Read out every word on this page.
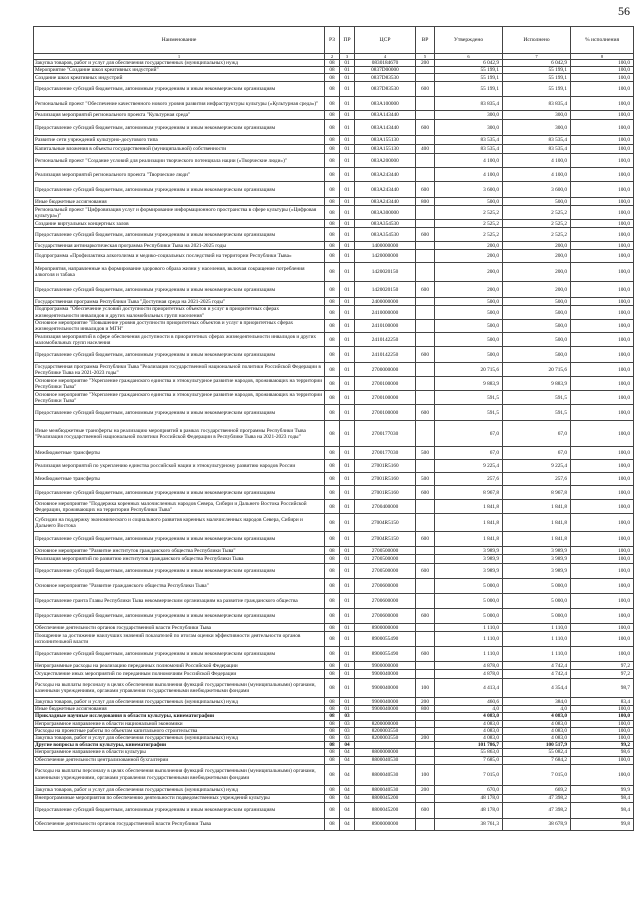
56
Наименование	РЗ	ПР	ЦСР	ВР	Утверждено	Исполнено	% исполнения
1	2	3	4	5	6	7	8
Закупка товаров, работ и услуг для обеспечения государственных (муниципальных) нужд	08	01	0830184670	200	6 042,9	6 042,9	100,0
Мероприятие "Создание школ креативных индустрий"	08	01	0837D00000		55 199,1	55 199,1	100,0
Создание школ креативных индустрий	08	01	0837D83530		55 199,1	55 199,1	100,0
Предоставление субсидий бюджетным, автономным учреждениям и иным некоммерческим организациям	08	01	0837D83530	600	55 199,1	55 199,1	100,0
Региональный проект "Обеспечение качественного нового уровня развития инфраструктуры культуры («Культурная среда»)"	08	01	083A100000		83 835,4	83 835,4	100,0
Реализация мероприятий регионального проекта "Культурная среда"	08	01	083A143440		300,0	300,0	100,0
Предоставление субсидий бюджетным, автономным учреждениям и иным некоммерческим организациям	08	01	083A143440	600	300,0	300,0	100,0
Развитие сети учреждений культурно-досугового типа	08	01	083A155130		83 535,4	83 535,4	100,0
Капитальные вложения в объекты государственной (муниципальной) собственности	08	01	083A155130	400	83 535,4	83 535,4	100,0
Региональный проект "Создание условий для реализации творческого потенциала нации («Творческие люди»)"	08	01	083A200000		4 100,0	4 100,0	100,0
Реализация мероприятий регионального проекта "Творческие люди"	08	01	083A243440		4 100,0	4 100,0	100,0
Предоставление субсидий бюджетным, автономным учреждениям и иным некоммерческим организациям	08	01	083A243440	600	3 600,0	3 600,0	100,0
Иные бюджетные ассигнования	08	01	083A243440	800	500,0	500,0	100,0
Региональный проект "Цифровизация услуг и формирование информационного пространства в сфере культуры («Цифровая культура»)"	08	01	083A300000		2 525,2	2 525,2	100,0
Создание виртуальных концертных залов	08	01	083A354530		2 525,2	2 525,2	100,0
Предоставление субсидий бюджетным, автономным учреждениям и иным некоммерческим организациям	08	01	083A354530	600	2 525,2	2 525,2	100,0
Государственная антинаркотическая программа Республики Тыва на 2021-2025 годы	08	01	1400000000		200,0	200,0	100,0
Подпрограмма «Профилактика алкоголизма и медико-социальных последствий на территории Республики Тыва»	08	01	1420000000		200,0	200,0	100,0
Мероприятия, направленные на формирование здорового образа жизни у населения, включая сокращение потребления алкоголя и табака	08	01	1420020150		200,0	200,0	100,0
Предоставление субсидий бюджетным, автономным учреждениям и иным некоммерческим организациям	08	01	1420020150	600	200,0	200,0	100,0
Государственная программа Республики Тыва "Доступная среда на 2021-2025 годы"	08	01	2400000000		500,0	500,0	100,0
Подпрограмма "Обеспечение условий доступности приоритетных объектов и услуг в приоритетных сферах жизнедеятельности инвалидов и других маломобильных групп населения"	08	01	2410000000		500,0	500,0	100,0
Основное мероприятие "Повышение уровня доступности приоритетных объектов и услуг в приоритетных сферах жизнедеятельности инвалидов и МГН"	08	01	2410100000		500,0	500,0	100,0
Реализация мероприятий в сфере обеспечения доступности в приоритетных сферах жизнедеятельности инвалидов и других маломобильных групп населения	08	01	2410142250		500,0	500,0	100,0
Предоставление субсидий бюджетным, автономным учреждениям и иным некоммерческим организациям	08	01	2410142250	600	500,0	500,0	100,0
Государственная программа Республики Тыва "Реализация государственной национальной политики Российской Федерации в Республике Тыва на 2021-2023 годы"	08	01	2700000000		20 715,6	20 715,6	100,0
Основное мероприятие "Укрепление гражданского единства и этнокультурное развитие народов, проживающих на территории Республики Тыва"	08	01	2700100000		9 883,9	9 883,9	100,0
Основное мероприятие "Укрепление гражданского единства и этнокультурное развитие народов, проживающих на территории Республики Тыва"	08	01	2700100000		591,5	591,5	100,0
Предоставление субсидий бюджетным, автономным учреждениям и иным некоммерческим организациям	08	01	2700100000	600	591,5	591,5	100,0
Иные межбюджетные трансферты на реализацию мероприятий в рамках государственной программы Республики Тыва "Реализация государственной национальной политики Российской Федерации в Республике Тыва на 2021-2023 годы"	08	01	2700177030		67,0	67,0	100,0
Межбюджетные трансферты	08	01	2700177030	500	67,0	67,0	100,0
Реализация мероприятий по укреплению единства российской нации и этнокультурному развитию народов России	08	01	27001R5160		9 225,4	9 225,4	100,0
Межбюджетные трансферты	08	01	27001R5160	500	257,6	257,6	100,0
Предоставление субсидий бюджетным, автономным учреждениям и иным некоммерческим организациям	08	01	27001R5160	600	8 967,8	8 967,8	100,0
Основное мероприятие "Поддержка коренных малочисленных народов Севера, Сибири и Дальнего Востока Российской Федерации, проживающих на территории Республики Тыва"	08	01	2700400000		1 841,8	1 841,8	100,0
Субсидии на поддержку экономического и социального развития коренных малочисленных народов Севера, Сибири и Дальнего Востока	08	01	27004R5150		1 841,8	1 841,8	100,0
Предоставление субсидий бюджетным, автономным учреждениям и иным некоммерческим организациям	08	01	27004R5150	600	1 841,8	1 841,8	100,0
Основное мероприятие "Развитие институтов гражданского общества Республики Тыва"	08	01	2700500000		3 989,9	3 989,9	100,0
Реализация мероприятий по развитию институтов гражданского общества Республики Тыва	08	01	2700500000		3 989,9	3 989,9	100,0
Предоставление субсидий бюджетным, автономным учреждениям и иным некоммерческим организациям	08	01	2700500000	600	3 989,9	3 989,9	100,0
Основное мероприятие "Развитие гражданского общества Республики Тыва"	08	01	2700600000		5 000,0	5 000,0	100,0
Предоставление гранта Главы Республики Тыва некоммерческим организациям на развитие гражданского общества	08	01	2700600000		5 000,0	5 000,0	100,0
Предоставление субсидий бюджетным, автономным учреждениям и иным некоммерческим организациям	08	01	2700600000	600	5 000,0	5 000,0	100,0
Обеспечение деятельности органов государственной власти Республики Тыва	08	01	8900000000		1 110,0	1 110,0	100,0
Поощрение за достижение наилучших значений показателей по итогам оценки эффективности деятельности органов исполнительной власти	08	01	8900055490		1 110,0	1 110,0	100,0
Предоставление субсидий бюджетным, автономным учреждениям и иным некоммерческим организациям	08	01	8900055490	600	1 110,0	1 110,0	100,0
Непрограммные расходы на реализацию переданных полномочий Российской Федерации	08	01	9900000000		4 878,0	4 742,4	97,2
Осуществление иных мероприятий по переданным полномочиям Российской Федерации	08	01	9900040000		4 878,0	4 742,4	97,2
Расходы на выплаты персоналу в целях обеспечения выполнения функций государственными (муниципальными) органами, казенными учреждениями, органами управления государственными внебюджетными фондами	08	01	9900040000	100	4 413,4	4 354,4	98,7
Закупка товаров, работ и услуг для обеспечения государственных (муниципальных) нужд	08	01	9900040000	200	460,6	384,0	83,4
Иные бюджетные ассигнования	08	01	9900040000	800	4,0	4,0	100,0
Прикладные научные исследования в области культуры, кинематографии	08	03			4 083,0	4 083,0	100,0
Непрограммное направление в области национальной экономики	08	03	8200000000		4 083,0	4 083,0	100,0
Расходы на проектные работы по объектам капитального строительства	08	03	8200003550		4 083,0	4 083,0	100,0
Закупка товаров, работ и услуг для обеспечения государственных (муниципальных) нужд	08	03	8200003550	200	4 083,0	4 083,0	100,0
Другие вопросы в области культуры, кинематографии	08	04			101 786,7	100 517,9	99,2
Непрограммное направление в области культуры	08	04	8800000000		55 863,0	55 082,4	98,6
Обеспечение деятельности централизованной бухгалтерии	08	04	8800040530		7 685,0	7 684,2	100,0
Расходы на выплаты персоналу в целях обеспечения выполнения функций государственными (муниципальными) органами, казенными учреждениями, органами управления государственными внебюджетными фондами	08	04	8800040530	100	7 015,0	7 015,0	100,0
Закупка товаров, работ и услуг для обеспечения государственных (муниципальных) нужд	08	04	8800040530	200	670,0	669,2	99,9
Внепрограммные мероприятия по обеспечению деятельности подведомственных учреждений культуры	08	04	8800045200		48 178,0	47 398,2	98,4
Предоставление субсидий бюджетным, автономным учреждениям и иным некоммерческим организациям	08	04	8800045200	600	48 178,0	47 398,2	98,4
Обеспечение деятельности органов государственной власти Республики Тыва	08	04	8900000000		38 761,3	38 678,9	99,8
